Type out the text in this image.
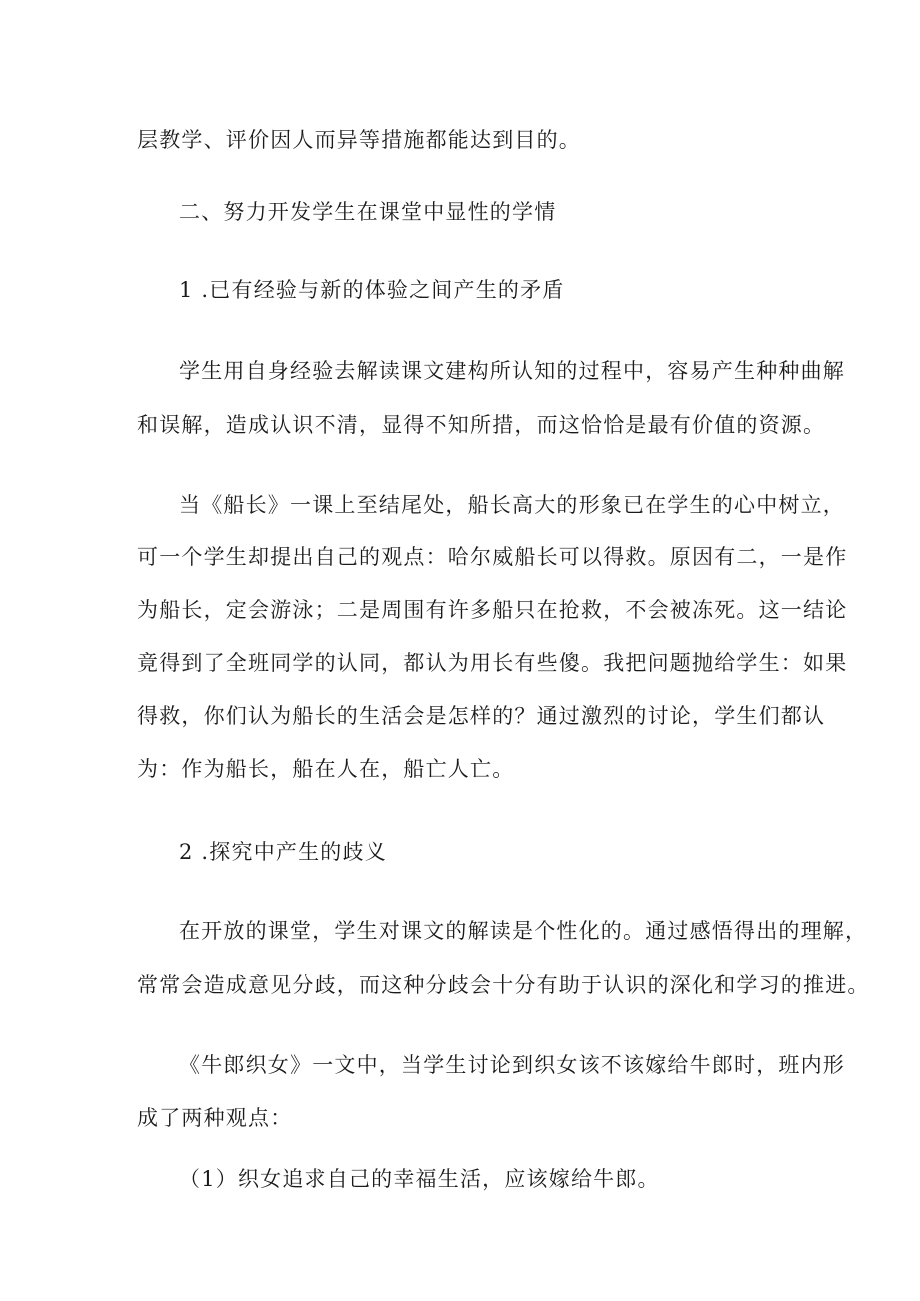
层教学、评价因人而异等措施都能达到目的。
二、努力开发学生在课堂中显性的学情
1 .已有经验与新的体验之间产生的矛盾
学生用自身经验去解读课文建构所认知的过程中，容易产生种种曲解
和误解，造成认识不清，显得不知所措，而这恰恰是最有价值的资源。
当《船长》一课上至结尾处，船长高大的形象已在学生的心中树立，
可一个学生却提出自己的观点：哈尔威船长可以得救。原因有二，一是作
为船长，定会游泳；二是周围有许多船只在抢救，不会被冻死。这一结论
竟得到了全班同学的认同，都认为用长有些傻。我把问题抛给学生：如果
得救，你们认为船长的生活会是怎样的？通过激烈的讨论，学生们都认
为：作为船长，船在人在，船亡人亡。
2 .探究中产生的歧义
在开放的课堂，学生对课文的解读是个性化的。通过感悟得出的理解，
常常会造成意见分歧，而这种分歧会十分有助于认识的深化和学习的推进。
《牛郎织女》一文中，当学生讨论到织女该不该嫁给牛郎时，班内形
成了两种观点：
（1）织女追求自己的幸福生活，应该嫁给牛郎。
